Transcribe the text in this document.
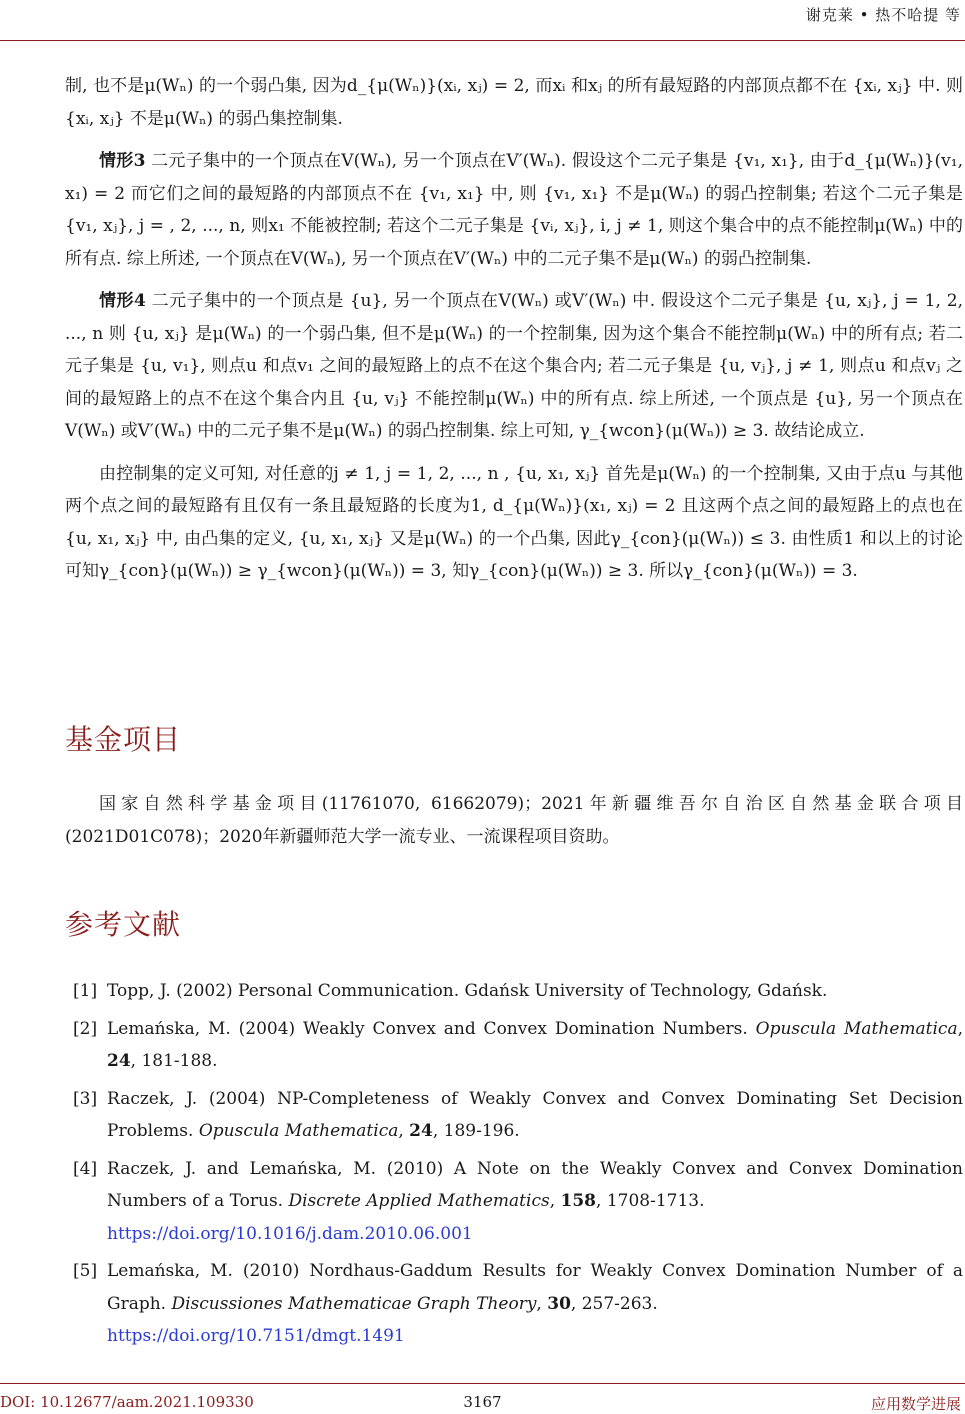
谢克莱 • 热不哈提 等

制, 也不是μ(Wₙ) 的一个弱凸集, 因为d_{μ(Wₙ)}(xᵢ, xⱼ) = 2, 而xᵢ 和xⱼ 的所有最短路的内部顶点都不在 {xᵢ, xⱼ} 中. 则 {xᵢ, xⱼ} 不是μ(Wₙ) 的弱凸集控制集.

情形3 二元子集中的一个顶点在V(Wₙ), 另一个顶点在V′(Wₙ). 假设这个二元子集是 {v₁, x₁}, 由于d_{μ(Wₙ)}(v₁, x₁) = 2 而它们之间的最短路的内部顶点不在 {v₁, x₁} 中, 则 {v₁, x₁} 不是μ(Wₙ) 的弱凸控制集; 若这个二元子集是{v₁, xⱼ}, j = , 2, ..., n, 则x₁ 不能被控制; 若这个二元子集是 {vᵢ, xⱼ}, i, j ≠ 1, 则这个集合中的点不能控制μ(Wₙ) 中的所有点. 综上所述, 一个顶点在V(Wₙ), 另一个顶点在V′(Wₙ) 中的二元子集不是μ(Wₙ) 的弱凸控制集.

情形4 二元子集中的一个顶点是 {u}, 另一个顶点在V(Wₙ) 或V′(Wₙ) 中. 假设这个二元子集是 {u, xⱼ}, j = 1, 2, ..., n 则 {u, xⱼ} 是μ(Wₙ) 的一个弱凸集, 但不是μ(Wₙ) 的一个控制集, 因为这个集合不能控制μ(Wₙ) 中的所有点; 若二元子集是 {u, v₁}, 则点u 和点v₁ 之间的最短路上的点不在这个集合内; 若二元子集是 {u, vⱼ}, j ≠ 1, 则点u 和点vⱼ 之间的最短路上的点不在这个集合内且 {u, vⱼ} 不能控制μ(Wₙ) 中的所有点. 综上所述, 一个顶点是 {u}, 另一个顶点在V(Wₙ) 或V′(Wₙ) 中的二元子集不是μ(Wₙ) 的弱凸控制集. 综上可知, γ_{wcon}(μ(Wₙ)) ≥ 3. 故结论成立.

由控制集的定义可知, 对任意的j ≠ 1, j = 1, 2, ..., n , {u, x₁, xⱼ} 首先是μ(Wₙ) 的一个控制集, 又由于点u 与其他两个点之间的最短路有且仅有一条且最短路的长度为1, d_{μ(Wₙ)}(x₁, xⱼ) = 2 且这两个点之间的最短路上的点也在 {u, x₁, xⱼ} 中, 由凸集的定义, {u, x₁, xⱼ} 又是μ(Wₙ) 的一个凸集, 因此γ_{con}(μ(Wₙ)) ≤ 3. 由性质1 和以上的讨论可知γ_{con}(μ(Wₙ)) ≥ γ_{wcon}(μ(Wₙ)) = 3, 知γ_{con}(μ(Wₙ)) ≥ 3. 所以γ_{con}(μ(Wₙ)) = 3.

基金项目
国家自然科学基金项目(11761070, 61662079)；2021年新疆维吾尔自治区自然基金联合项目(2021D01C078)；2020年新疆师范大学一流专业、一流课程项目资助。
参考文献
[1] Topp, J. (2002) Personal Communication. Gdańsk University of Technology, Gdańsk.
[2] Lemańska, M. (2004) Weakly Convex and Convex Domination Numbers. Opuscula Mathematica, 24, 181-188.
[3] Raczek, J. (2004) NP-Completeness of Weakly Convex and Convex Dominating Set Decision Problems. Opuscula Mathematica, 24, 189-196.
[4] Raczek, J. and Lemańska, M. (2010) A Note on the Weakly Convex and Convex Domination Numbers of a Torus. Discrete Applied Mathematics, 158, 1708-1713.
https://doi.org/10.1016/j.dam.2010.06.001
[5] Lemańska, M. (2010) Nordhaus-Gaddum Results for Weakly Convex Domination Number of a Graph. Discussiones Mathematicae Graph Theory, 30, 257-263.
https://doi.org/10.7151/dmgt.1491
DOI: 10.12677/aam.2021.109330	3167	应用数学进展
